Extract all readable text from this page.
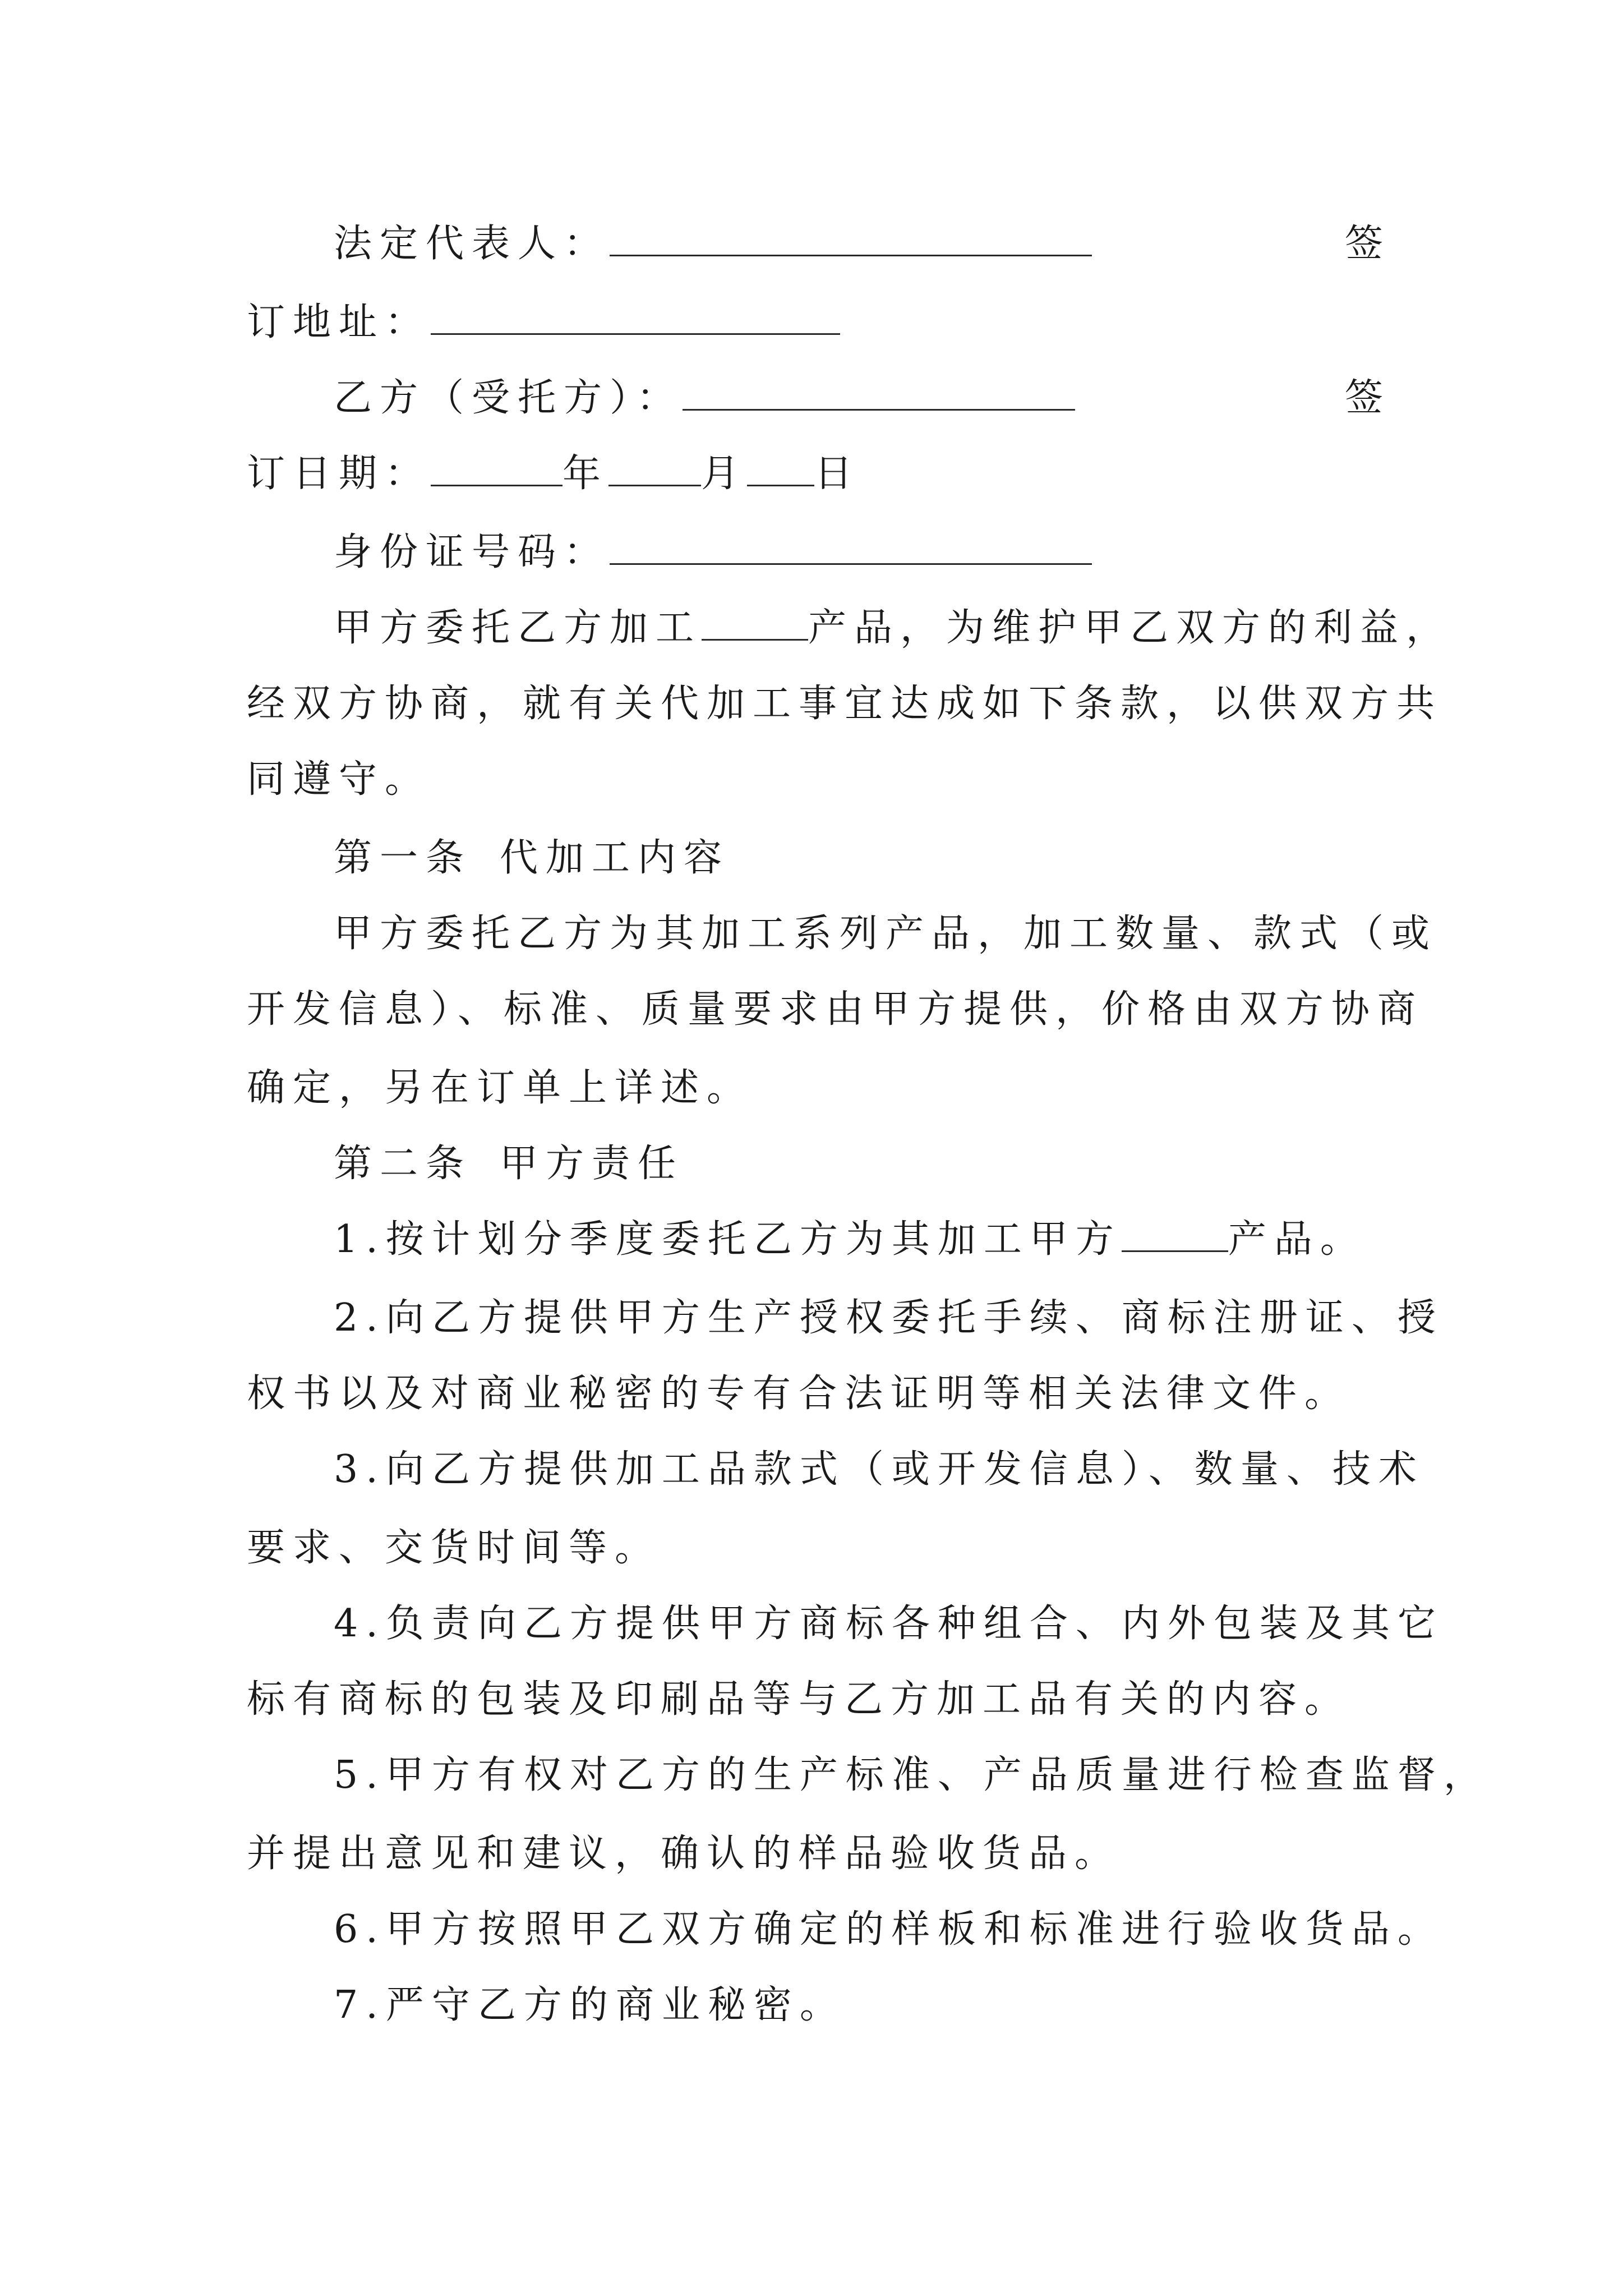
法定代表人：	签
订地址：
乙方（受托方）：	签
订日期：	年 月 日
身份证号码：
甲方委托乙方加工	产品，为维护甲乙双方的利益，
经双方协商，就有关代加工事宜达成如下条款，以供双方共
同遵守。
第一条 代加工内容
甲方委托乙方为其加工系列产品，加工数量、款式（或
开发信息）、标准、质量要求由甲方提供，价格由双方协商
确定，另在订单上详述。
第二条 甲方责任
1.按计划分季度委托乙方为其加工甲方	产品。
2.向乙方提供甲方生产授权委托手续、商标注册证、授
权书以及对商业秘密的专有合法证明等相关法律文件。
3.向乙方提供加工品款式（或开发信息）、数量、技术
要求、交货时间等。
4.负责向乙方提供甲方商标各种组合、内外包装及其它
标有商标的包装及印刷品等与乙方加工品有关的内容。
5.甲方有权对乙方的生产标准、产品质量进行检查监督，
并提出意见和建议，确认的样品验收货品。
6.甲方按照甲乙双方确定的样板和标准进行验收货品。
7.严守乙方的商业秘密。
